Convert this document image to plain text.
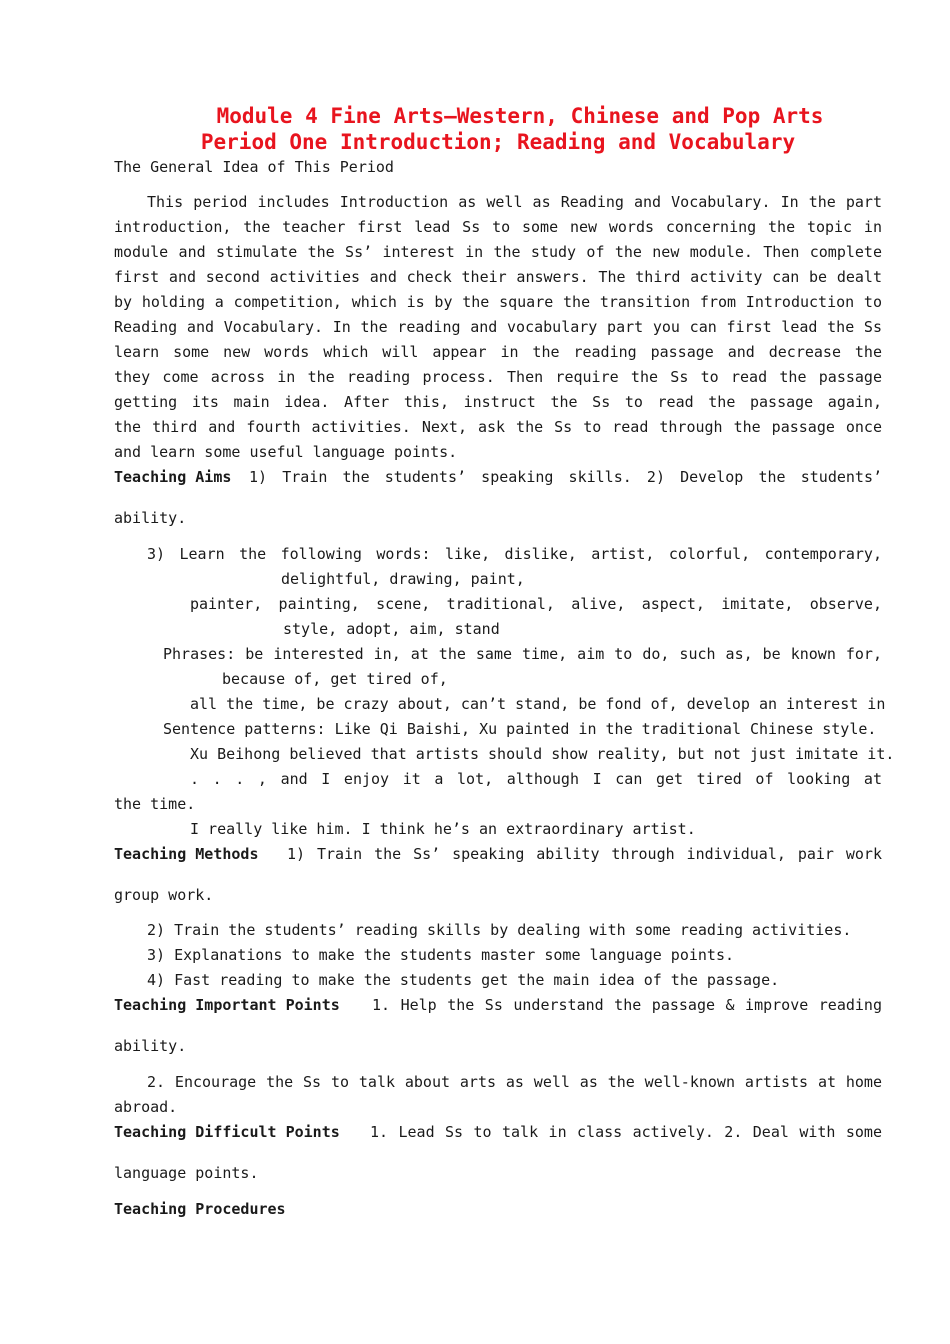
Module 4 Fine Arts—Western, Chinese and Pop Arts
Period One Introduction; Reading and Vocabulary
The General Idea of This Period
This period includes Introduction as well as Reading and Vocabulary. In the part
introduction, the teacher first lead Ss to some new words concerning the topic in
module and stimulate the Ss’ interest in the study of the new module. Then complete
first and second activities and check their answers. The third activity can be dealt
by holding a competition, which is by the square the transition from Introduction to
Reading and Vocabulary. In the reading and vocabulary part you can first lead the Ss
learn some new words which will appear in the reading passage and decrease the
they come across in the reading process. Then require the Ss to read the passage
getting its main idea. After this, instruct the Ss to read the passage again,
the third and fourth activities. Next, ask the Ss to read through the passage once
and learn some useful language points.
Teaching Aims 1) Train the students’ speaking skills. 2) Develop the students’
ability.
3) Learn the following words: like, dislike, artist, colorful, contemporary,
delightful, drawing, paint,
painter, painting, scene, traditional, alive, aspect, imitate, observe,
style, adopt, aim, stand
Phrases: be interested in, at the same time, aim to do, such as, be known for,
because of, get tired of,
all the time, be crazy about, can’t stand, be fond of, develop an interest in
Sentence patterns: Like Qi Baishi, Xu painted in the traditional Chinese style.
Xu Beihong believed that artists should show reality, but not just imitate it.
. . . , and I enjoy it a lot, although I can get tired of looking at
the time.
I really like him. I think he’s an extraordinary artist.
Teaching Methods 1) Train the Ss’ speaking ability through individual, pair work
group work.
2) Train the students’ reading skills by dealing with some reading activities.
3) Explanations to make the students master some language points.
4) Fast reading to make the students get the main idea of the passage.
Teaching Important Points 1. Help the Ss understand the passage & improve reading
ability.
2. Encourage the Ss to talk about arts as well as the well-known artists at home
abroad.
Teaching Difficult Points 1. Lead Ss to talk in class actively. 2. Deal with some
language points.
Teaching Procedures
